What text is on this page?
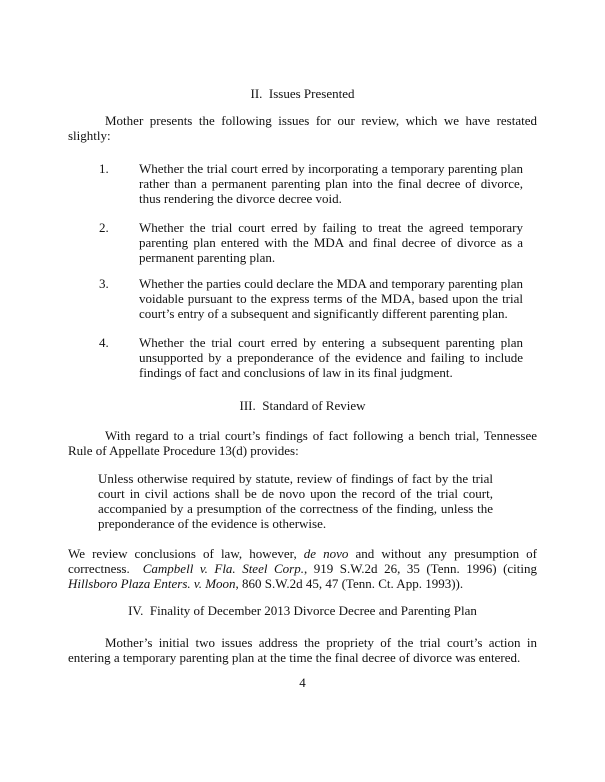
II.  Issues Presented

Mother presents the following issues for our review, which we have restated slightly:

1.	Whether the trial court erred by incorporating a temporary parenting plan rather than a permanent parenting plan into the final decree of divorce, thus rendering the divorce decree void.
2.	Whether the trial court erred by failing to treat the agreed temporary parenting plan entered with the MDA and final decree of divorce as a permanent parenting plan.
3.	Whether the parties could declare the MDA and temporary parenting plan voidable pursuant to the express terms of the MDA, based upon the trial court’s entry of a subsequent and significantly different parenting plan.
4.	Whether the trial court erred by entering a subsequent parenting plan unsupported by a preponderance of the evidence and failing to include findings of fact and conclusions of law in its final judgment.
III.  Standard of Review

With regard to a trial court’s findings of fact following a bench trial, Tennessee Rule of Appellate Procedure 13(d) provides:

Unless otherwise required by statute, review of findings of fact by the trial court in civil actions shall be de novo upon the record of the trial court, accompanied by a presumption of the correctness of the finding, unless the preponderance of the evidence is otherwise.

We review conclusions of law, however, de novo and without any presumption of correctness.  Campbell v. Fla. Steel Corp., 919 S.W.2d 26, 35 (Tenn. 1996) (citing Hillsboro Plaza Enters. v. Moon, 860 S.W.2d 45, 47 (Tenn. Ct. App. 1993)).

IV.  Finality of December 2013 Divorce Decree and Parenting Plan

Mother’s initial two issues address the propriety of the trial court’s action in entering a temporary parenting plan at the time the final decree of divorce was entered.

4
